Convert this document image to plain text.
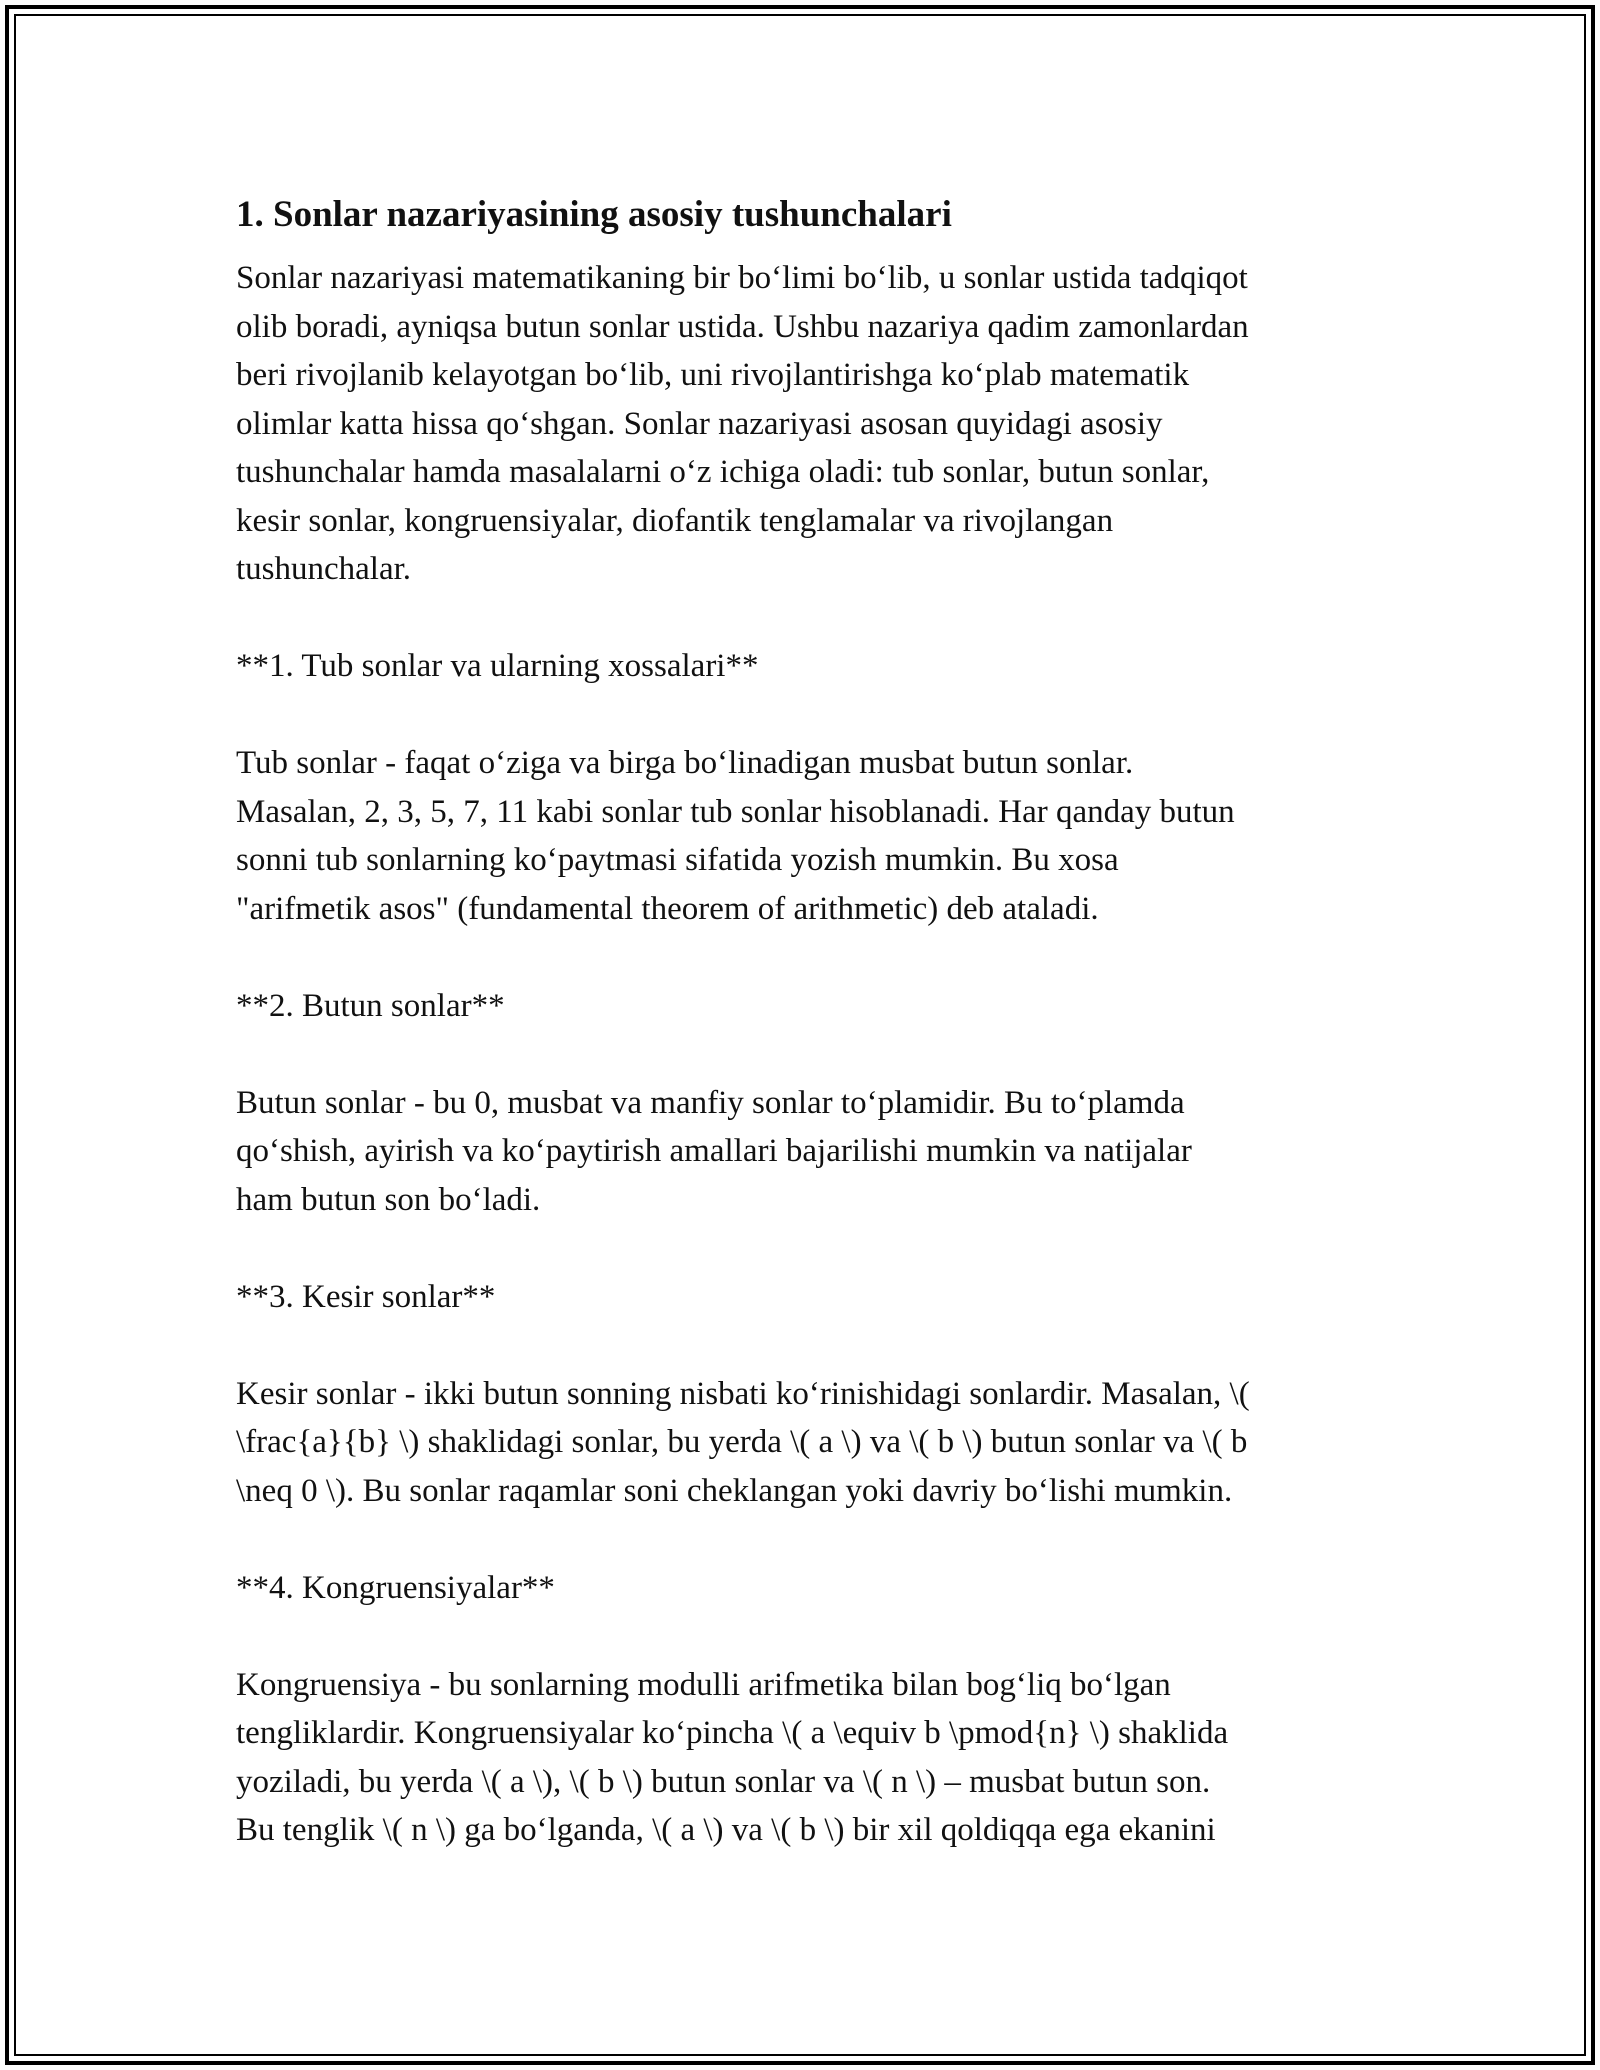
1. Sonlar nazariyasining asosiy tushunchalari

Sonlar nazariyasi matematikaning bir bo‘limi bo‘lib, u sonlar ustida tadqiqot
olib boradi, ayniqsa butun sonlar ustida. Ushbu nazariya qadim zamonlardan
beri rivojlanib kelayotgan bo‘lib, uni rivojlantirishga ko‘plab matematik
olimlar katta hissa qo‘shgan. Sonlar nazariyasi asosan quyidagi asosiy
tushunchalar hamda masalalarni o‘z ichiga oladi: tub sonlar, butun sonlar,
kesir sonlar, kongruensiyalar, diofantik tenglamalar va rivojlangan
tushunchalar.

**1. Tub sonlar va ularning xossalari**

Tub sonlar - faqat o‘ziga va birga bo‘linadigan musbat butun sonlar.
Masalan, 2, 3, 5, 7, 11 kabi sonlar tub sonlar hisoblanadi. Har qanday butun
sonni tub sonlarning ko‘paytmasi sifatida yozish mumkin. Bu xosa
"arifmetik asos" (fundamental theorem of arithmetic) deb ataladi.

**2. Butun sonlar**

Butun sonlar - bu 0, musbat va manfiy sonlar to‘plamidir. Bu to‘plamda
qo‘shish, ayirish va ko‘paytirish amallari bajarilishi mumkin va natijalar
ham butun son bo‘ladi.

**3. Kesir sonlar**

Kesir sonlar - ikki butun sonning nisbati ko‘rinishidagi sonlardir. Masalan, \(
\frac{a}{b} \) shaklidagi sonlar, bu yerda \( a \) va \( b \) butun sonlar va \( b
\neq 0 \). Bu sonlar raqamlar soni cheklangan yoki davriy bo‘lishi mumkin.

**4. Kongruensiyalar**

Kongruensiya - bu sonlarning modulli arifmetika bilan bog‘liq bo‘lgan
tengliklardir. Kongruensiyalar ko‘pincha \( a \equiv b \pmod{n} \) shaklida
yoziladi, bu yerda \( a \), \( b \) butun sonlar va \( n \) – musbat butun son.
Bu tenglik \( n \) ga bo‘lganda, \( a \) va \( b \) bir xil qoldiqqa ega ekanini
